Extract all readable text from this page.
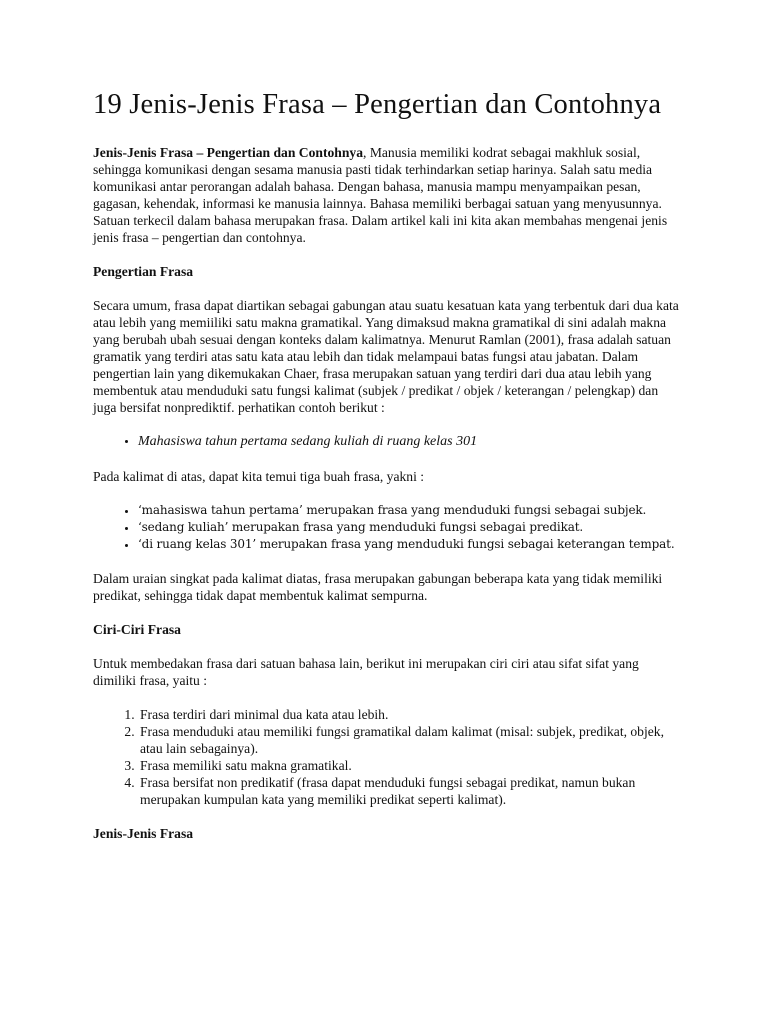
19 Jenis-Jenis Frasa – Pengertian dan Contohnya

Jenis-Jenis Frasa – Pengertian dan Contohnya, Manusia memiliki kodrat sebagai makhluk sosial, sehingga komunikasi dengan sesama manusia pasti tidak terhindarkan setiap harinya. Salah satu media komunikasi antar perorangan adalah bahasa. Dengan bahasa, manusia mampu menyampaikan pesan, gagasan, kehendak, informasi ke manusia lainnya. Bahasa memiliki berbagai satuan yang menyusunnya. Satuan terkecil dalam bahasa merupakan frasa. Dalam artikel kali ini kita akan membahas mengenai jenis jenis frasa – pengertian dan contohnya.

Pengertian Frasa

Secara umum, frasa dapat diartikan sebagai gabungan atau suatu kesatuan kata yang terbentuk dari dua kata atau lebih yang memiiliki satu makna gramatikal. Yang dimaksud makna gramatikal di sini adalah makna yang berubah ubah sesuai dengan konteks dalam kalimatnya. Menurut Ramlan (2001), frasa adalah satuan gramatik yang terdiri atas satu kata atau lebih dan tidak melampaui batas fungsi atau jabatan. Dalam pengertian lain yang dikemukakan Chaer, frasa merupakan satuan yang terdiri dari dua atau lebih yang membentuk atau menduduki satu fungsi kalimat (subjek / predikat / objek / keterangan / pelengkap) dan juga bersifat nonprediktif. perhatikan contoh berikut :

• Mahasiswa tahun pertama sedang kuliah di ruang kelas 301

Pada kalimat di atas, dapat kita temui tiga buah frasa, yakni :

• ‘mahasiswa tahun pertama’ merupakan frasa yang menduduki fungsi sebagai subjek.
• ‘sedang kuliah’ merupakan frasa yang menduduki fungsi sebagai predikat.
• ‘di ruang kelas 301’ merupakan frasa yang menduduki fungsi sebagai keterangan tempat.

Dalam uraian singkat pada kalimat diatas, frasa merupakan gabungan beberapa kata yang tidak memiliki predikat, sehingga tidak dapat membentuk kalimat sempurna.

Ciri-Ciri Frasa

Untuk membedakan frasa dari satuan bahasa lain, berikut ini merupakan ciri ciri atau sifat sifat yang dimiliki frasa, yaitu :

1. Frasa terdiri dari minimal dua kata atau lebih.
2. Frasa menduduki atau memiliki fungsi gramatikal dalam kalimat (misal: subjek, predikat, objek, atau lain sebagainya).
3. Frasa memiliki satu makna gramatikal.
4. Frasa bersifat non predikatif (frasa dapat menduduki fungsi sebagai predikat, namun bukan merupakan kumpulan kata yang memiliki predikat seperti kalimat).
Jenis-Jenis Frasa
